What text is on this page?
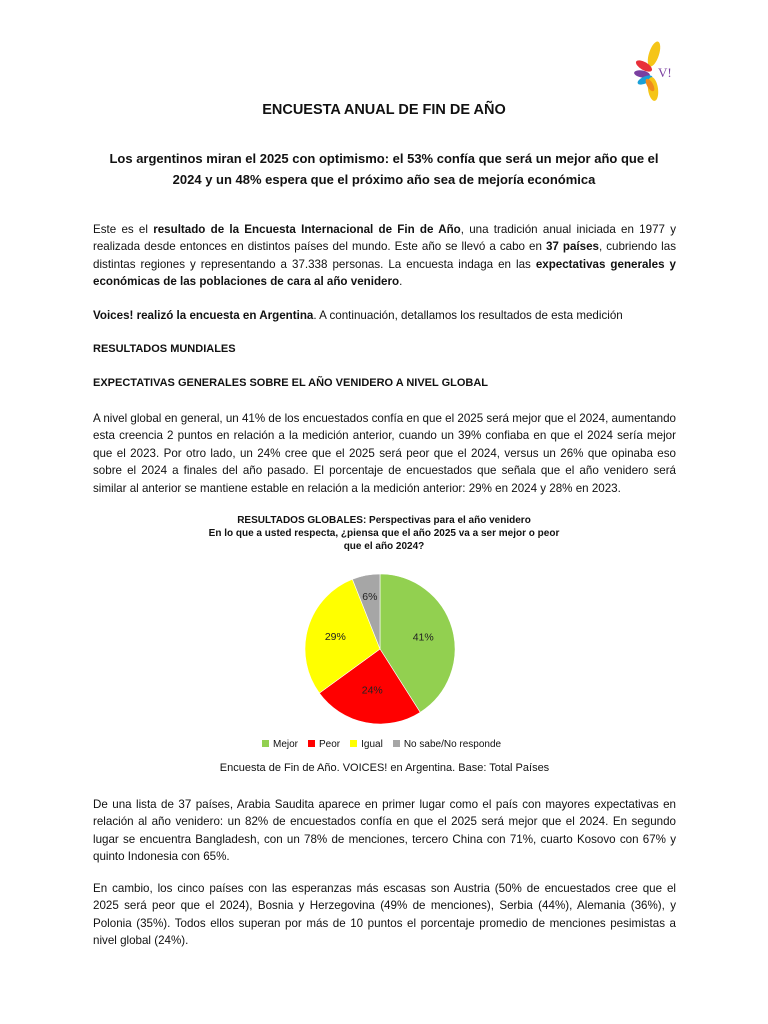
V!
ENCUESTA ANUAL DE FIN DE AÑO
Los argentinos miran el 2025 con optimismo: el 53% confía que será un mejor año que el
2024 y un 48% espera que el próximo año sea de mejoría económica

Este es el resultado de la Encuesta Internacional de Fin de Año, una tradición anual iniciada en 1977 y realizada desde entonces en distintos países del mundo. Este año se llevó a cabo en 37 países, cubriendo las distintas regiones y representando a 37.338 personas. La encuesta indaga en las expectativas generales y económicas de las poblaciones de cara al año venidero.

Voices! realizó la encuesta en Argentina. A continuación, detallamos los resultados de esta medición

RESULTADOS MUNDIALES
EXPECTATIVAS GENERALES SOBRE EL AÑO VENIDERO A NIVEL GLOBAL

A nivel global en general, un 41% de los encuestados confía en que el 2025 será mejor que el 2024, aumentando esta creencia 2 puntos en relación a la medición anterior, cuando un 39% confiaba en que el 2024 sería mejor que el 2023. Por otro lado, un 24% cree que el 2025 será peor que el 2024, versus un 26% que opinaba eso sobre el 2024 a finales del año pasado. El porcentaje de encuestados que señala que el año venidero será similar al anterior se mantiene estable en relación a la medición anterior: 29% en 2024 y 28% en 2023.

RESULTADOS GLOBALES: Perspectivas para el año venidero
En lo que a usted respecta, ¿piensa que el año 2025 va a ser mejor o peor
que el año 2024?
41%
24%
29%
6%
Mejor	Peor	Igual	No sabe/No responde
Encuesta de Fin de Año. VOICES! en Argentina. Base: Total Países

De una lista de 37 países, Arabia Saudita aparece en primer lugar como el país con mayores expectativas en relación al año venidero: un 82% de encuestados confía en que el 2025 será mejor que el 2024. En segundo lugar se encuentra Bangladesh, con un 78% de menciones, tercero China con 71%, cuarto Kosovo con 67% y quinto Indonesia con 65%.

En cambio, los cinco países con las esperanzas más escasas son Austria (50% de encuestados cree que el 2025 será peor que el 2024), Bosnia y Herzegovina (49% de menciones), Serbia (44%), Alemania (36%), y Polonia (35%). Todos ellos superan por más de 10 puntos el porcentaje promedio de menciones pesimistas a nivel global (24%).
